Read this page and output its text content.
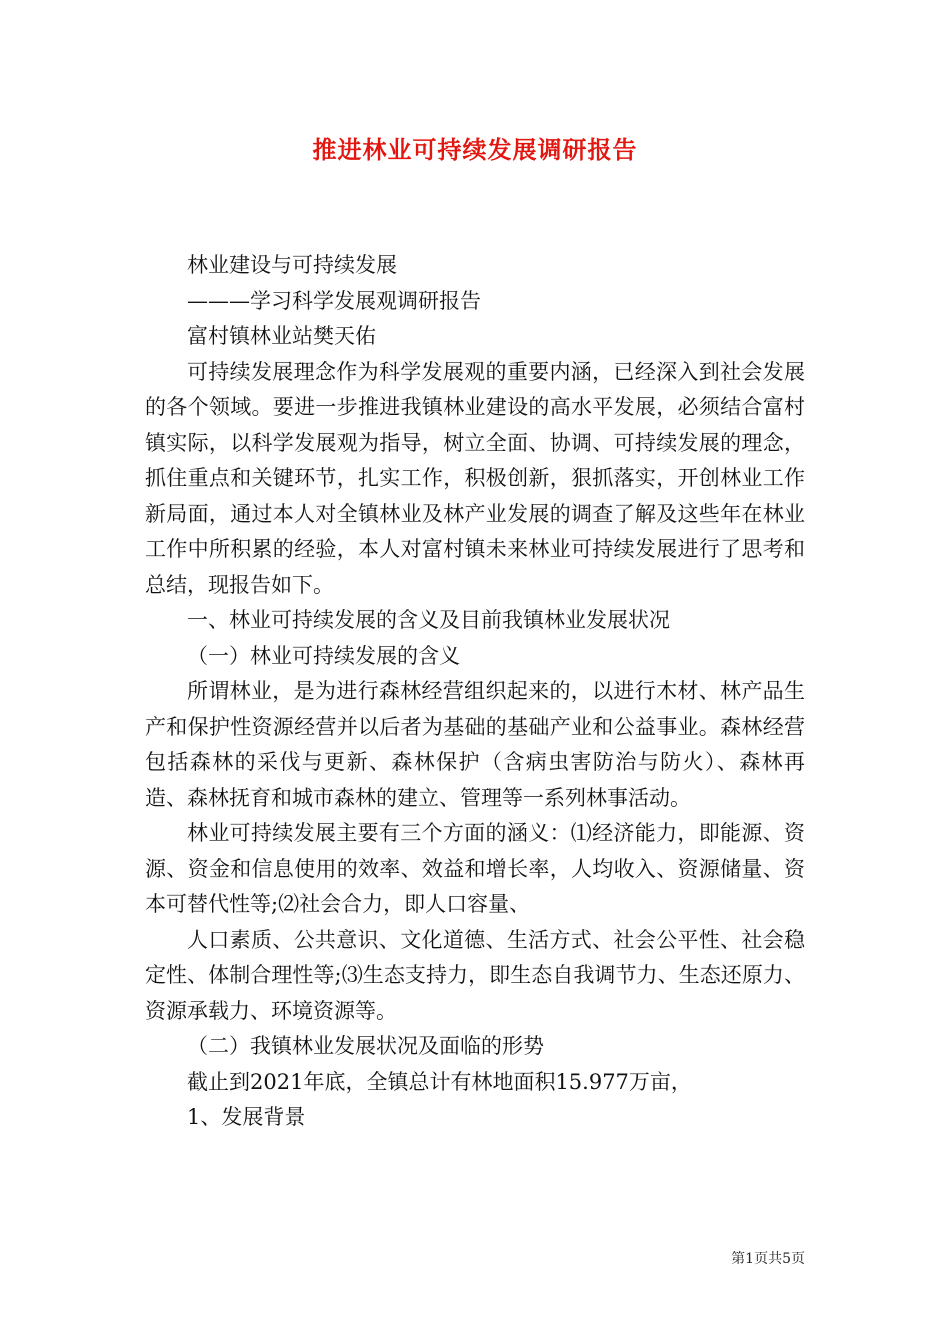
推进林业可持续发展调研报告

林业建设与可持续发展

———学习科学发展观调研报告

富村镇林业站樊天佑

可持续发展理念作为科学发展观的重要内涵，已经深入到社会发展的各个领域。要进一步推进我镇林业建设的高水平发展，必须结合富村镇实际，以科学发展观为指导，树立全面、协调、可持续发展的理念，抓住重点和关键环节，扎实工作，积极创新，狠抓落实，开创林业工作新局面，通过本人对全镇林业及林产业发展的调查了解及这些年在林业工作中所积累的经验，本人对富村镇未来林业可持续发展进行了思考和总结，现报告如下。

一、林业可持续发展的含义及目前我镇林业发展状况

（一）林业可持续发展的含义

所谓林业，是为进行森林经营组织起来的，以进行木材、林产品生产和保护性资源经营并以后者为基础的基础产业和公益事业。森林经营包括森林的采伐与更新、森林保护（含病虫害防治与防火）、森林再造、森林抚育和城市森林的建立、管理等一系列林事活动。

林业可持续发展主要有三个方面的涵义：⑴经济能力，即能源、资源、资金和信息使用的效率、效益和增长率，人均收入、资源储量、资本可替代性等;⑵社会合力，即人口容量、

人口素质、公共意识、文化道德、生活方式、社会公平性、社会稳定性、体制合理性等;⑶生态支持力，即生态自我调节力、生态还原力、资源承载力、环境资源等。

（二）我镇林业发展状况及面临的形势

截止到2021年底，全镇总计有林地面积15.977万亩，

1、发展背景

第1页共5页
